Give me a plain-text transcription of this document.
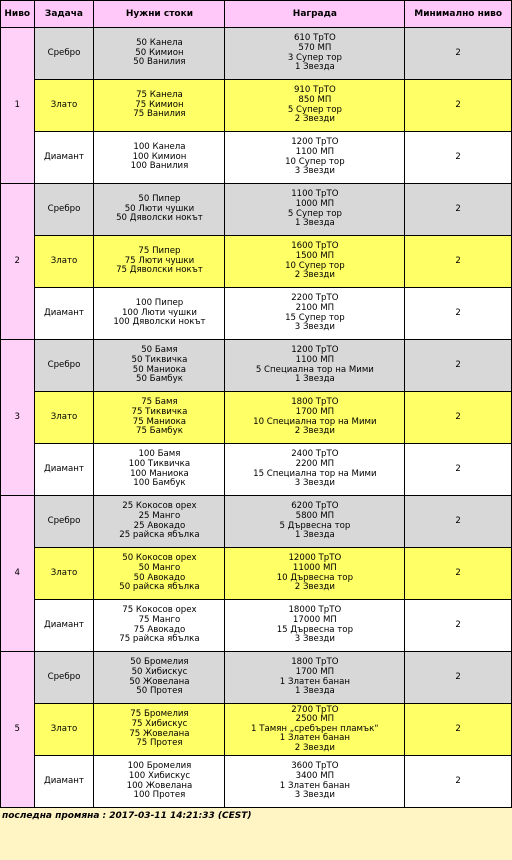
Ниво	Задача	Нужни стоки	Награда	Минимално ниво
1	Сребро	50 Канела
50 Кимион
50 Ванилия	610 ТрТО
570 МП
3 Супер тор
1 Звезда	2
	Злато	75 Канела
75 Кимион
75 Ванилия	910 ТрТО
850 МП
5 Супер тор
2 Звезди	2
	Диамант	100 Канела
100 Кимион
100 Ванилия	1200 ТрТО
1100 МП
10 Супер тор
3 Звезди	2
2	Сребро	50 Пипер
50 Люти чушки
50 Дяволски нокът	1100 ТрТО
1000 МП
5 Супер тор
1 Звезда	2
	Злато	75 Пипер
75 Люти чушки
75 Дяволски нокът	1600 ТрТО
1500 МП
10 Супер тор
2 Звезди	2
	Диамант	100 Пипер
100 Люти чушки
100 Дяволски нокът	2200 ТрТО
2100 МП
15 Супер тор
3 Звезди	2
3	Сребро	50 Бамя
50 Тиквичка
50 Маниока
50 Бамбук	1200 ТрТО
1100 МП
5 Специална тор на Мими
1 Звезда	2
	Злато	75 Бамя
75 Тиквичка
75 Маниока
75 Бамбук	1800 ТрТО
1700 МП
10 Специална тор на Мими
2 Звезди	2
	Диамант	100 Бамя
100 Тиквичка
100 Маниока
100 Бамбук	2400 ТрТО
2200 МП
15 Специална тор на Мими
3 Звезди	2
4	Сребро	25 Кокосов орех
25 Манго
25 Авокадо
25 райска ябълка	6200 ТрТО
5800 МП
5 Дървесна тор
1 Звезда	2
	Злато	50 Кокосов орех
50 Манго
50 Авокадо
50 райска ябълка	12000 ТрТО
11000 МП
10 Дървесна тор
2 Звезди	2
	Диамант	75 Кокосов орех
75 Манго
75 Авокадо
75 райска ябълка	18000 ТрТО
17000 МП
15 Дървесна тор
3 Звезди	2
5	Сребро	50 Бромелия
50 Хибискус
50 Жовелана
50 Протея	1800 ТрТО
1700 МП
1 Златен банан
1 Звезда	2
	Злато	75 Бромелия
75 Хибискус
75 Жовелана
75 Протея	2700 ТрТО
2500 МП
1 Тамян „сребърен пламък“
1 Златен банан
2 Звезди	2
	Диамант	100 Бромелия
100 Хибискус
100 Жовелана
100 Протея	3600 ТрТО
3400 МП
1 Златен банан
3 Звезди	2
последна промяна : 2017-03-11 14:21:33 (CEST)
